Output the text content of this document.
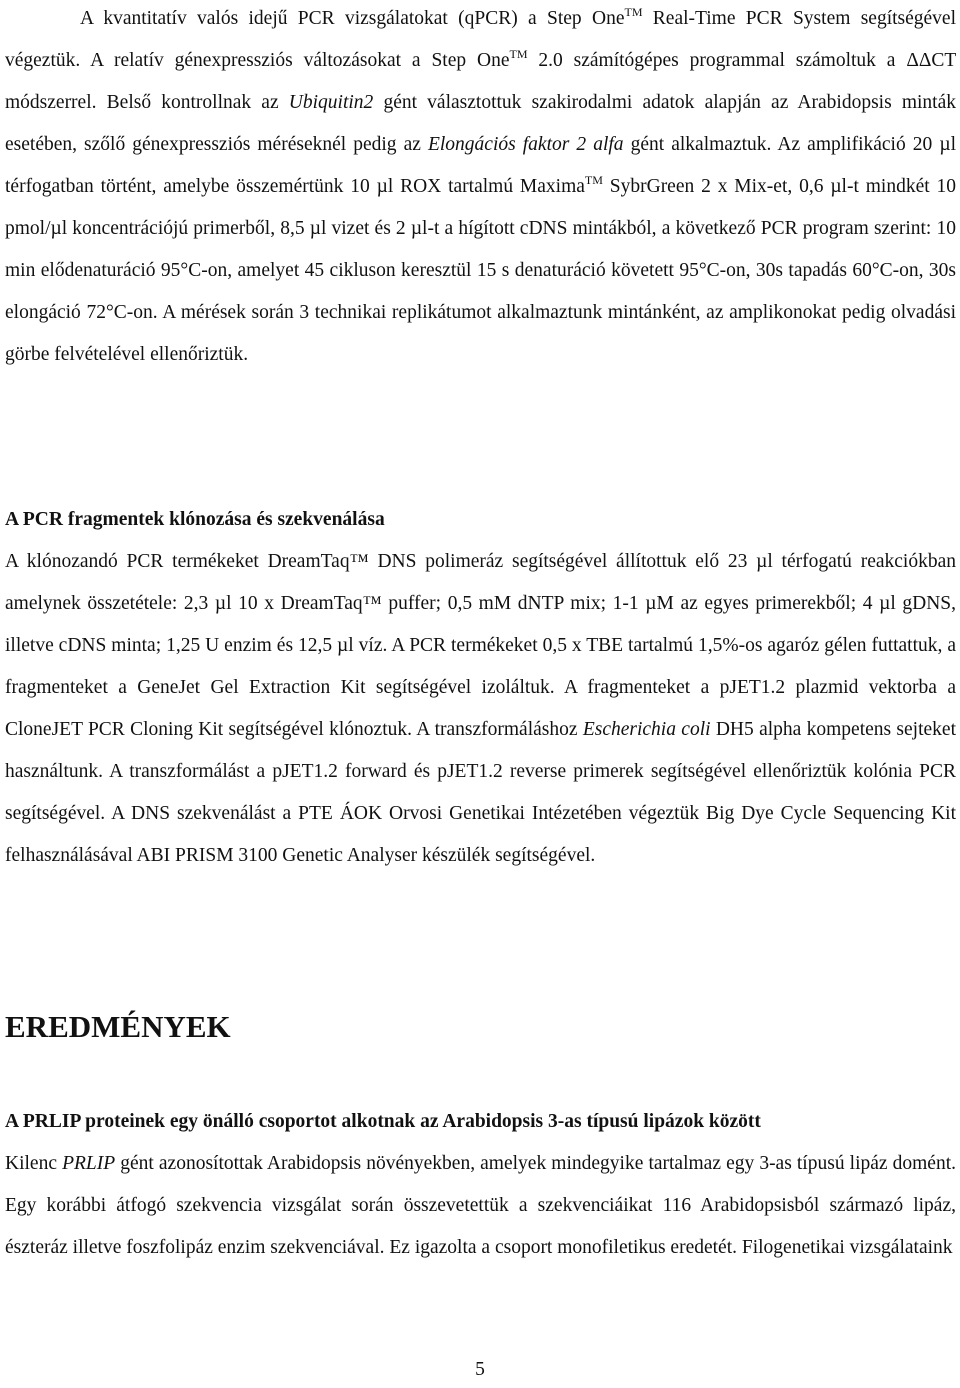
A kvantitatív valós idejű PCR vizsgálatokat (qPCR) a Step One™ Real-Time PCR System segítségével végeztük. A relatív génexpressziós változásokat a Step One™ 2.0 számítógépes programmal számoltuk a ΔΔCT módszerrel. Belső kontrollnak az Ubiquitin2 gént választottuk szakirodalmi adatok alapján az Arabidopsis minták esetében, szőlő génexpressziós méréseknél pedig az Elongációs faktor 2 alfa gént alkalmaztuk. Az amplifikáció 20 µl térfogatban történt, amelybe összemértünk 10 µl ROX tartalmú Maxima™ SybrGreen 2 x Mix-et, 0,6 µl-t mindkét 10 pmol/µl koncentrációjú primerből, 8,5 µl vizet és 2 µl-t a hígított cDNS mintákból, a következő PCR program szerint: 10 min elődenaturáció 95°C-on, amelyet 45 cikluson keresztül 15 s denaturáció követett 95°C-on, 30s tapadás 60°C-on, 30s elongáció 72°C-on. A mérések során 3 technikai replikátumot alkalmaztunk mintánként, az amplikonokat pedig olvadási görbe felvételével ellenőriztük.

A PCR fragmentek klónozása és szekvenálása

A klónozandó PCR termékeket DreamTaq™ DNS polimeráz segítségével állítottuk elő 23 µl térfogatú reakciókban amelynek összetétele: 2,3 µl 10 x DreamTaq™ puffer; 0,5 mM dNTP mix; 1-1 µM az egyes primerekből; 4 µl gDNS, illetve cDNS minta; 1,25 U enzim és 12,5 µl víz. A PCR termékeket 0,5 x TBE tartalmú 1,5%-os agaróz gélen futtattuk, a fragmenteket a GeneJet Gel Extraction Kit segítségével izoláltuk. A fragmenteket a pJET1.2 plazmid vektorba a CloneJET PCR Cloning Kit segítségével klónoztuk. A transzformáláshoz Escherichia coli DH5 alpha kompetens sejteket használtunk. A transzformálást a pJET1.2 forward és pJET1.2 reverse primerek segítségével ellenőriztük kolónia PCR segítségével. A DNS szekvenálást a PTE ÁOK Orvosi Genetikai Intézetében végeztük Big Dye Cycle Sequencing Kit felhasználásával ABI PRISM 3100 Genetic Analyser készülék segítségével.

EREDMÉNYEK

A PRLIP proteinek egy önálló csoportot alkotnak az Arabidopsis 3-as típusú lipázok között

Kilenc PRLIP gént azonosítottak Arabidopsis növényekben, amelyek mindegyike tartalmaz egy 3-as típusú lipáz domént. Egy korábbi átfogó szekvencia vizsgálat során összevetettük a szekvenciáikat 116 Arabidopsisból származó lipáz, észteráz illetve foszfolipáz enzim szekvenciával. Ez igazolta a csoport monofiletikus eredetét. Filogenetikai vizsgálataink

5
